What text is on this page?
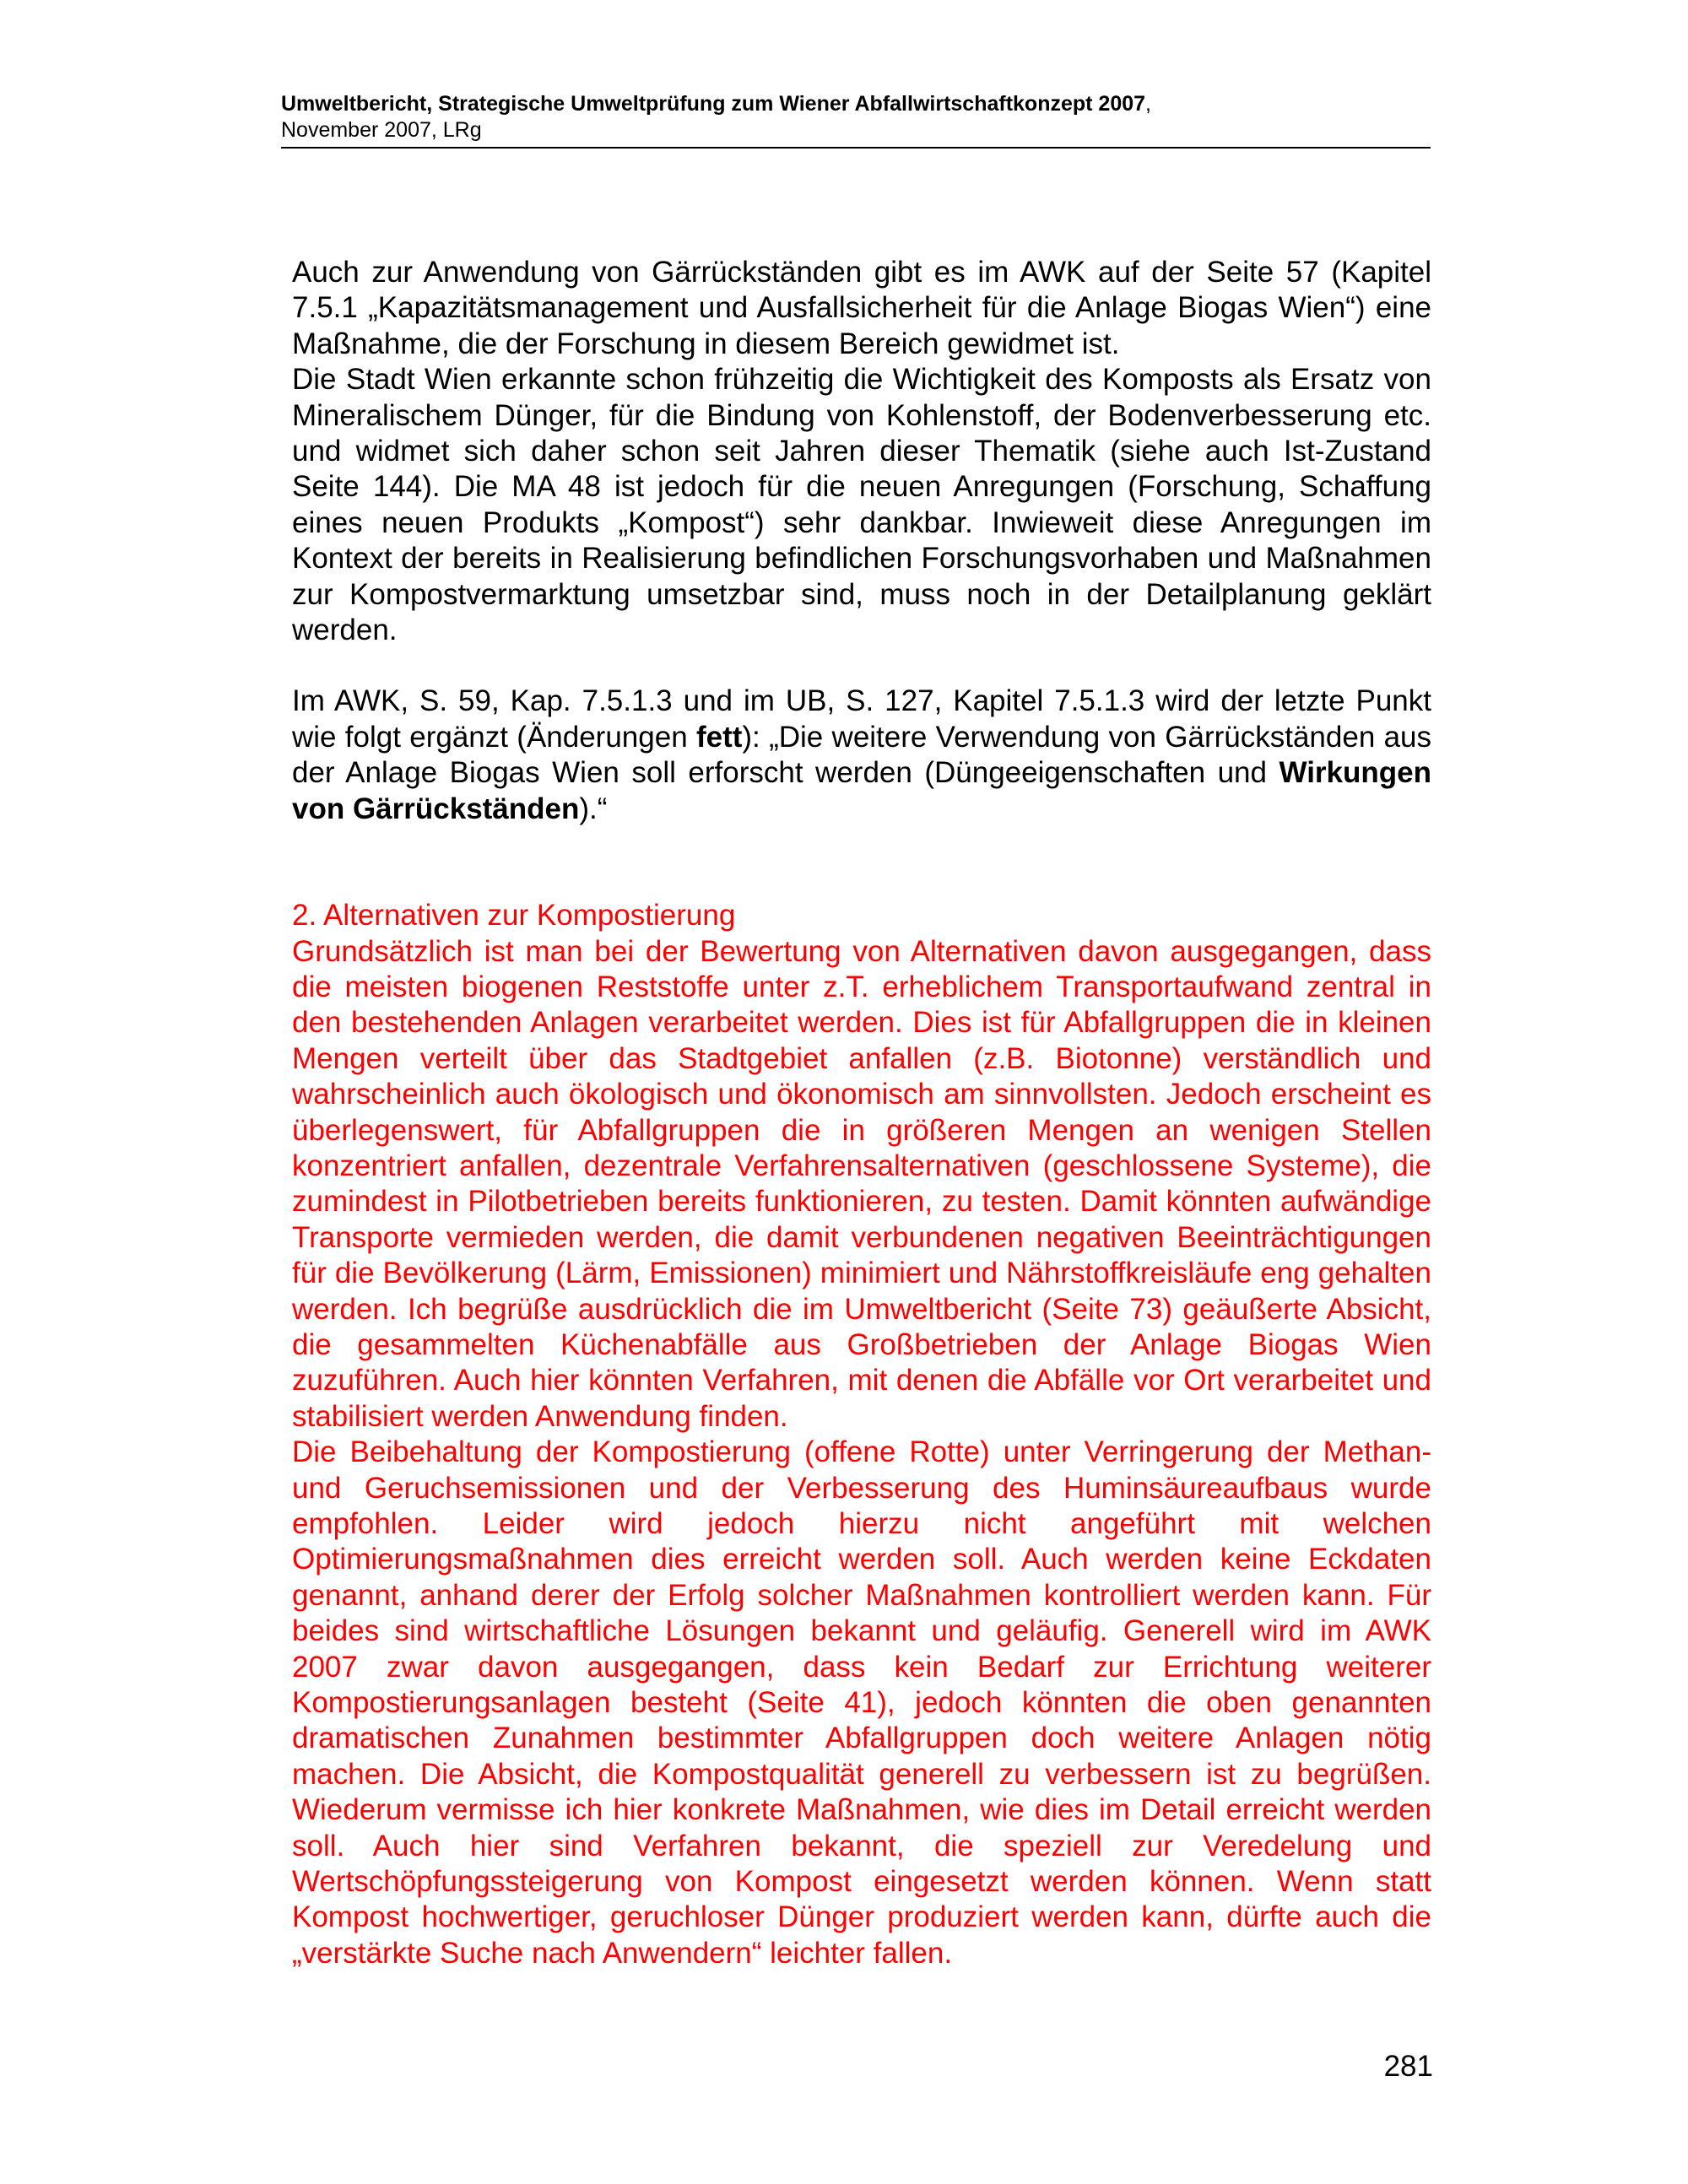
Umweltbericht, Strategische Umweltprüfung zum Wiener Abfallwirtschaftkonzept 2007,

November 2007, LRg

Auch zur Anwendung von Gärrückständen gibt es im AWK auf der Seite 57 (Kapitel 7.5.1 „Kapazitätsmanagement und Ausfallsicherheit für die Anlage Biogas Wien“) eine Maßnahme, die der Forschung in diesem Bereich gewidmet ist.

Die Stadt Wien erkannte schon frühzeitig die Wichtigkeit des Komposts als Ersatz von Mineralischem Dünger, für die Bindung von Kohlenstoff, der Bodenverbesserung etc. und widmet sich daher schon seit Jahren dieser Thematik (siehe auch Ist-Zustand Seite 144). Die MA 48 ist jedoch für die neuen Anregungen (Forschung, Schaffung eines neuen Produkts „Kompost“) sehr dankbar. Inwieweit diese Anregungen im Kontext der bereits in Realisierung befindlichen Forschungsvorhaben und Maßnahmen zur Kompostvermarktung umsetzbar sind, muss noch in der Detailplanung geklärt werden.

Im AWK, S. 59, Kap. 7.5.1.3 und im UB, S. 127, Kapitel 7.5.1.3 wird der letzte Punkt wie folgt ergänzt (Änderungen fett): „Die weitere Verwendung von Gärrückständen aus der Anlage Biogas Wien soll erforscht werden (Düngeeigenschaften und Wirkungen von Gärrückständen).“

2. Alternativen zur Kompostierung

Grundsätzlich ist man bei der Bewertung von Alternativen davon ausgegangen, dass die meisten biogenen Reststoffe unter z.T. erheblichem Transportaufwand zentral in den bestehenden Anlagen verarbeitet werden. Dies ist für Abfallgruppen die in kleinen Mengen verteilt über das Stadtgebiet anfallen (z.B. Biotonne) verständlich und wahrscheinlich auch ökologisch und ökonomisch am sinnvollsten. Jedoch erscheint es überlegenswert, für Abfallgruppen die in größeren Mengen an wenigen Stellen konzentriert anfallen, dezentrale Verfahrensalternativen (geschlossene Systeme), die zumindest in Pilotbetrieben bereits funktionieren, zu testen. Damit könnten aufwändige Transporte vermieden werden, die damit verbundenen negativen Beeinträchtigungen für die Bevölkerung (Lärm, Emissionen) minimiert und Nährstoffkreisläufe eng gehalten werden. Ich begrüße ausdrücklich die im Umweltbericht (Seite 73) geäußerte Absicht, die gesammelten Küchenabfälle aus Großbetrieben der Anlage Biogas Wien zuzuführen. Auch hier könnten Verfahren, mit denen die Abfälle vor Ort verarbeitet und stabilisiert werden Anwendung finden.

Die Beibehaltung der Kompostierung (offene Rotte) unter Verringerung der Methan- und Geruchsemissionen und der Verbesserung des Huminsäureaufbaus wurde empfohlen. Leider wird jedoch hierzu nicht angeführt mit welchen Optimierungsmaßnahmen dies erreicht werden soll. Auch werden keine Eckdaten genannt, anhand derer der Erfolg solcher Maßnahmen kontrolliert werden kann. Für beides sind wirtschaftliche Lösungen bekannt und geläufig. Generell wird im AWK 2007 zwar davon ausgegangen, dass kein Bedarf zur Errichtung weiterer Kompostierungsanlagen besteht (Seite 41), jedoch könnten die oben genannten dramatischen Zunahmen bestimmter Abfallgruppen doch weitere Anlagen nötig machen. Die Absicht, die Kompostqualität generell zu verbessern ist zu begrüßen. Wiederum vermisse ich hier konkrete Maßnahmen, wie dies im Detail erreicht werden soll. Auch hier sind Verfahren bekannt, die speziell zur Veredelung und Wertschöpfungssteigerung von Kompost eingesetzt werden können. Wenn statt Kompost hochwertiger, geruchloser Dünger produziert werden kann, dürfte auch die „verstärkte Suche nach Anwendern“ leichter fallen.

281
